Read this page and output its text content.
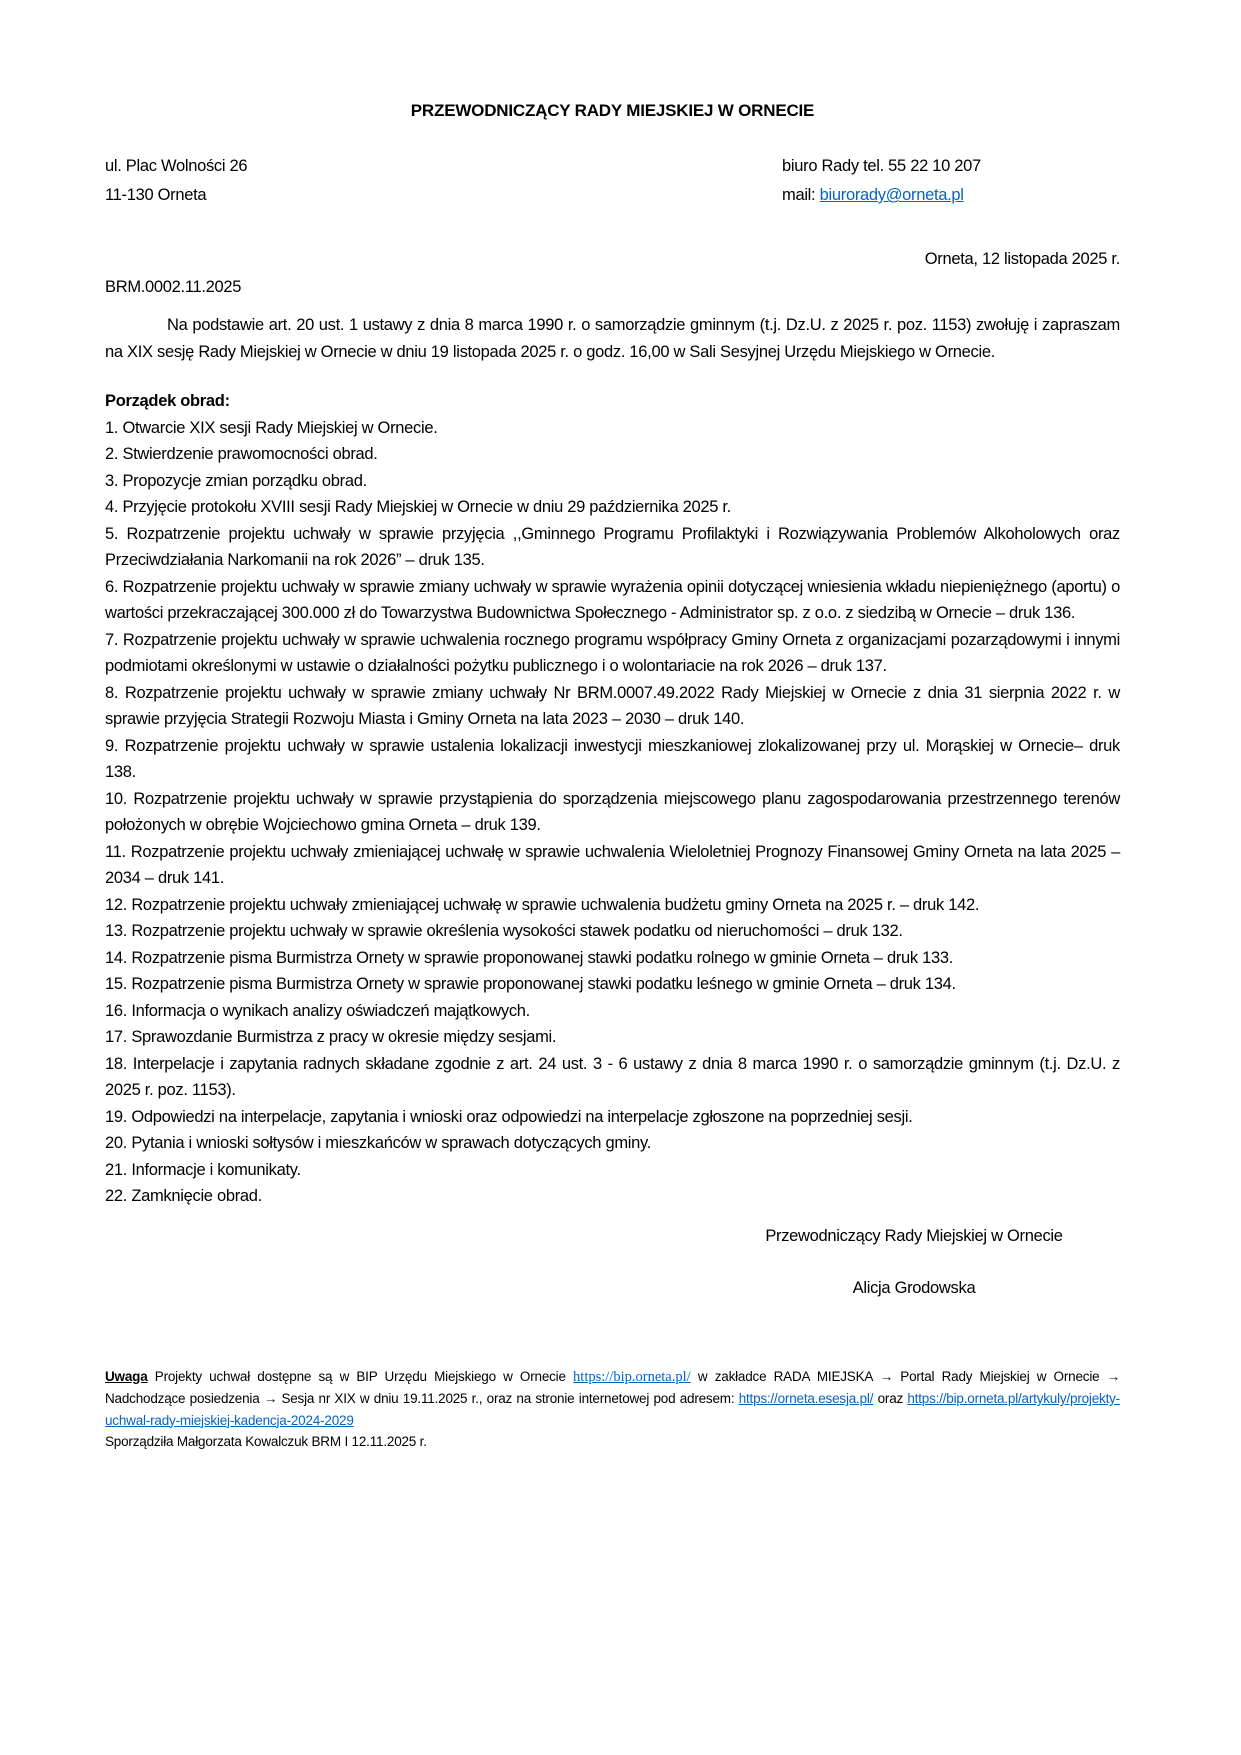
PRZEWODNICZĄCY RADY MIEJSKIEJ W ORNECIE

ul. Plac Wolności 26

11-130 Orneta

biuro Rady tel. 55 22 10 207

mail: biurorady@orneta.pl

Orneta, 12 listopada 2025 r.

BRM.0002.11.2025

Na podstawie art. 20 ust. 1 ustawy z dnia 8 marca 1990 r. o samorządzie gminnym (t.j. Dz.U. z 2025 r. poz. 1153) zwołuję i zapraszam na XIX sesję Rady Miejskiej w Ornecie w dniu 19 listopada 2025 r. o godz. 16,00 w Sali Sesyjnej Urzędu Miejskiego w Ornecie.

Porządek obrad:

1. Otwarcie XIX sesji Rady Miejskiej w Ornecie.

2. Stwierdzenie prawomocności obrad.

3. Propozycje zmian porządku obrad.

4. Przyjęcie protokołu XVIII sesji Rady Miejskiej w Ornecie w dniu 29 października 2025 r.

5. Rozpatrzenie projektu uchwały w sprawie przyjęcia ,,Gminnego Programu Profilaktyki i Rozwiązywania Problemów Alkoholowych oraz Przeciwdziałania Narkomanii na rok 2026” – druk 135.

6. Rozpatrzenie projektu uchwały w sprawie zmiany uchwały w sprawie wyrażenia opinii dotyczącej wniesienia wkładu niepieniężnego (aportu) o wartości przekraczającej 300.000 zł do Towarzystwa Budownictwa Społecznego - Administrator sp. z o.o. z siedzibą w Ornecie – druk 136.

7. Rozpatrzenie projektu uchwały w sprawie uchwalenia rocznego programu współpracy Gminy Orneta z organizacjami pozarządowymi i innymi podmiotami określonymi w ustawie o działalności pożytku publicznego i o wolontariacie na rok 2026 – druk 137.

8. Rozpatrzenie projektu uchwały w sprawie zmiany uchwały Nr BRM.0007.49.2022 Rady Miejskiej w Ornecie z dnia 31 sierpnia 2022 r. w sprawie przyjęcia Strategii Rozwoju Miasta i Gminy Orneta na lata 2023 – 2030 – druk 140.

9. Rozpatrzenie projektu uchwały w sprawie ustalenia lokalizacji inwestycji mieszkaniowej zlokalizowanej przy ul. Morąskiej w Ornecie– druk 138.

10. Rozpatrzenie projektu uchwały w sprawie przystąpienia do sporządzenia miejscowego planu zagospodarowania przestrzennego terenów położonych w obrębie Wojciechowo gmina Orneta – druk 139.

11. Rozpatrzenie projektu uchwały zmieniającej uchwałę w sprawie uchwalenia Wieloletniej Prognozy Finansowej Gminy Orneta na lata 2025 – 2034 – druk 141.

12. Rozpatrzenie projektu uchwały zmieniającej uchwałę w sprawie uchwalenia budżetu gminy Orneta na 2025 r. – druk 142.

13. Rozpatrzenie projektu uchwały w sprawie określenia wysokości stawek podatku od nieruchomości – druk 132.

14. Rozpatrzenie pisma Burmistrza Ornety w sprawie proponowanej stawki podatku rolnego w gminie Orneta – druk 133.

15. Rozpatrzenie pisma Burmistrza Ornety w sprawie proponowanej stawki podatku leśnego w gminie Orneta – druk 134.

16. Informacja o wynikach analizy oświadczeń majątkowych.

17. Sprawozdanie Burmistrza z pracy w okresie między sesjami.

18. Interpelacje i zapytania radnych składane zgodnie z art. 24 ust. 3 - 6 ustawy z dnia 8 marca 1990 r. o samorządzie gminnym (t.j. Dz.U. z 2025 r. poz. 1153).

19. Odpowiedzi na interpelacje, zapytania i wnioski oraz odpowiedzi na interpelacje zgłoszone na poprzedniej sesji.

20. Pytania i wnioski sołtysów i mieszkańców w sprawach dotyczących gminy.

21. Informacje i komunikaty.

22. Zamknięcie obrad.

Przewodniczący Rady Miejskiej w Ornecie

Alicja Grodowska

Uwaga Projekty uchwał dostępne są w BIP Urzędu Miejskiego w Ornecie https://bip.orneta.pl/ w zakładce RADA MIEJSKA → Portal Rady Miejskiej w Ornecie → Nadchodzące posiedzenia → Sesja nr XIX w dniu 19.11.2025 r., oraz na stronie internetowej pod adresem: https://orneta.esesja.pl/ oraz https://bip.orneta.pl/artykuly/projekty-uchwal-rady-miejskiej-kadencja-2024-2029

Sporządziła Małgorzata Kowalczuk BRM I 12.11.2025 r.
